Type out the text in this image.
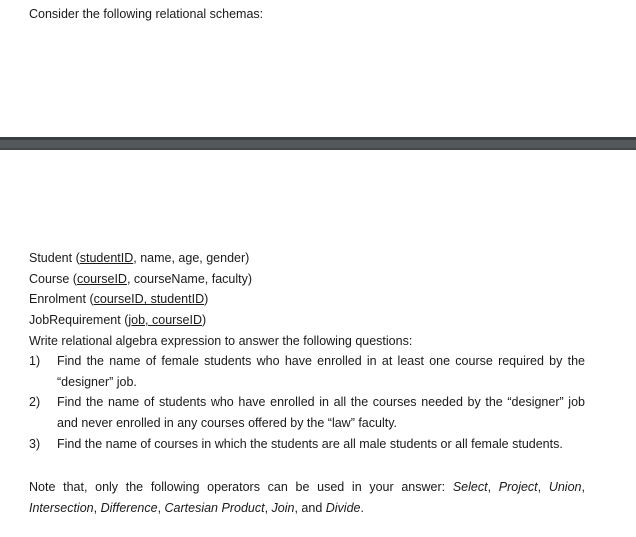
Consider the following relational schemas:
Student (studentID, name, age, gender)
Course (courseID, courseName, faculty)
Enrolment (courseID, studentID)
JobRequirement (job, courseID)
Write relational algebra expression to answer the following questions:
1)	Find the name of female students who have enrolled in at least one course required by the “designer” job.
2)	Find the name of students who have enrolled in all the courses needed by the “designer” job and never enrolled in any courses offered by the “law” faculty.
3)	Find the name of courses in which the students are all male students or all female students.
Note that, only the following operators can be used in your answer: Select, Project, Union, Intersection, Difference, Cartesian Product, Join, and Divide.
